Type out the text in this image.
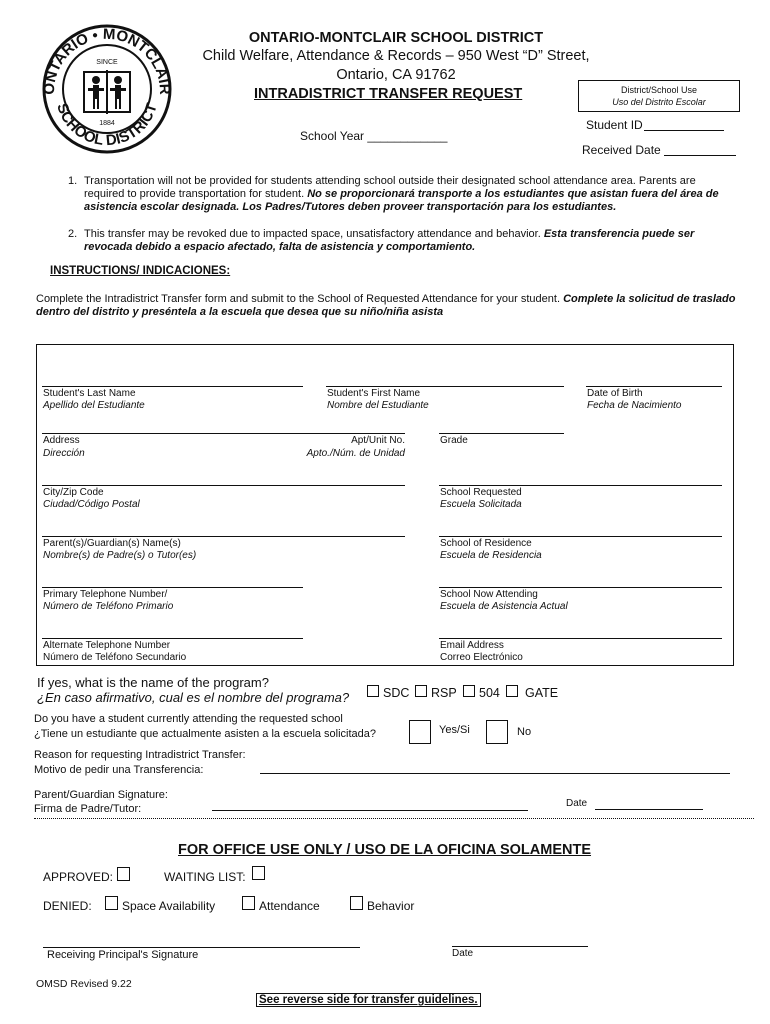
ONTARIO • MONTCLAIR
SCHOOL DISTRICT
SINCE
1884
ONTARIO-MONTCLAIR SCHOOL DISTRICT
Child Welfare, Attendance & Records – 950 West “D” Street,
Ontario, CA 91762
INTRADISTRICT TRANSFER REQUEST
School Year ____________
District/School Use
Uso del Distrito Escolar
Student ID
Received Date
1. Transportation will not be provided for students attending school outside their designated school attendance area. Parents are required to provide transportation for student. No se proporcionará transporte a los estudiantes que asistan fuera del área de asistencia escolar designada. Los Padres/Tutores deben proveer transportación para los estudiantes.
2. This transfer may be revoked due to impacted space, unsatisfactory attendance and behavior. Esta transferencia puede ser revocada debido a espacio afectado, falta de asistencia y comportamiento.
INSTRUCTIONS/ INDICACIONES:
Complete the Intradistrict Transfer form and submit to the School of Requested Attendance for your student. Complete la solicitud de traslado dentro del distrito y preséntela a la escuela que desea que su niño/niña asista
Student's Last Name
Apellido del Estudiante
Student's First Name
Nombre del Estudiante
Date of Birth
Fecha de Nacimiento
Address
Dirección
Apt/Unit No.
Apto./Núm. de Unidad
Grade
City/Zip Code
Ciudad/Código Postal
School Requested
Escuela Solicitada
Parent(s)/Guardian(s) Name(s)
Nombre(s) de Padre(s) o Tutor(es)
School of Residence
Escuela de Residencia
Primary Telephone Number/
Número de Teléfono Primario
School Now Attending
Escuela de Asistencia Actual
Alternate Telephone Number
Número de Teléfono Secundario
Email Address
Correo Electrónico
If yes, what is the name of the program?
¿En caso afirmativo, cual es el nombre del programa?	SDC RSP 504 GATE
Do you have a student currently attending the requested school
¿Tiene un estudiante que actualmente asisten a la escuela solicitada?	Yes/Si	No
Reason for requesting Intradistrict Transfer:
Motivo de pedir una Transferencia:
Parent/Guardian Signature:
Firma de Padre/Tutor:	Date
FOR OFFICE USE ONLY / USO DE LA OFICINA SOLAMENTE
APPROVED:	WAITING LIST:
DENIED:	Space Availability	Attendance	Behavior
Receiving Principal's Signature	Date
OMSD Revised 9.22
See reverse side for transfer guidelines.
